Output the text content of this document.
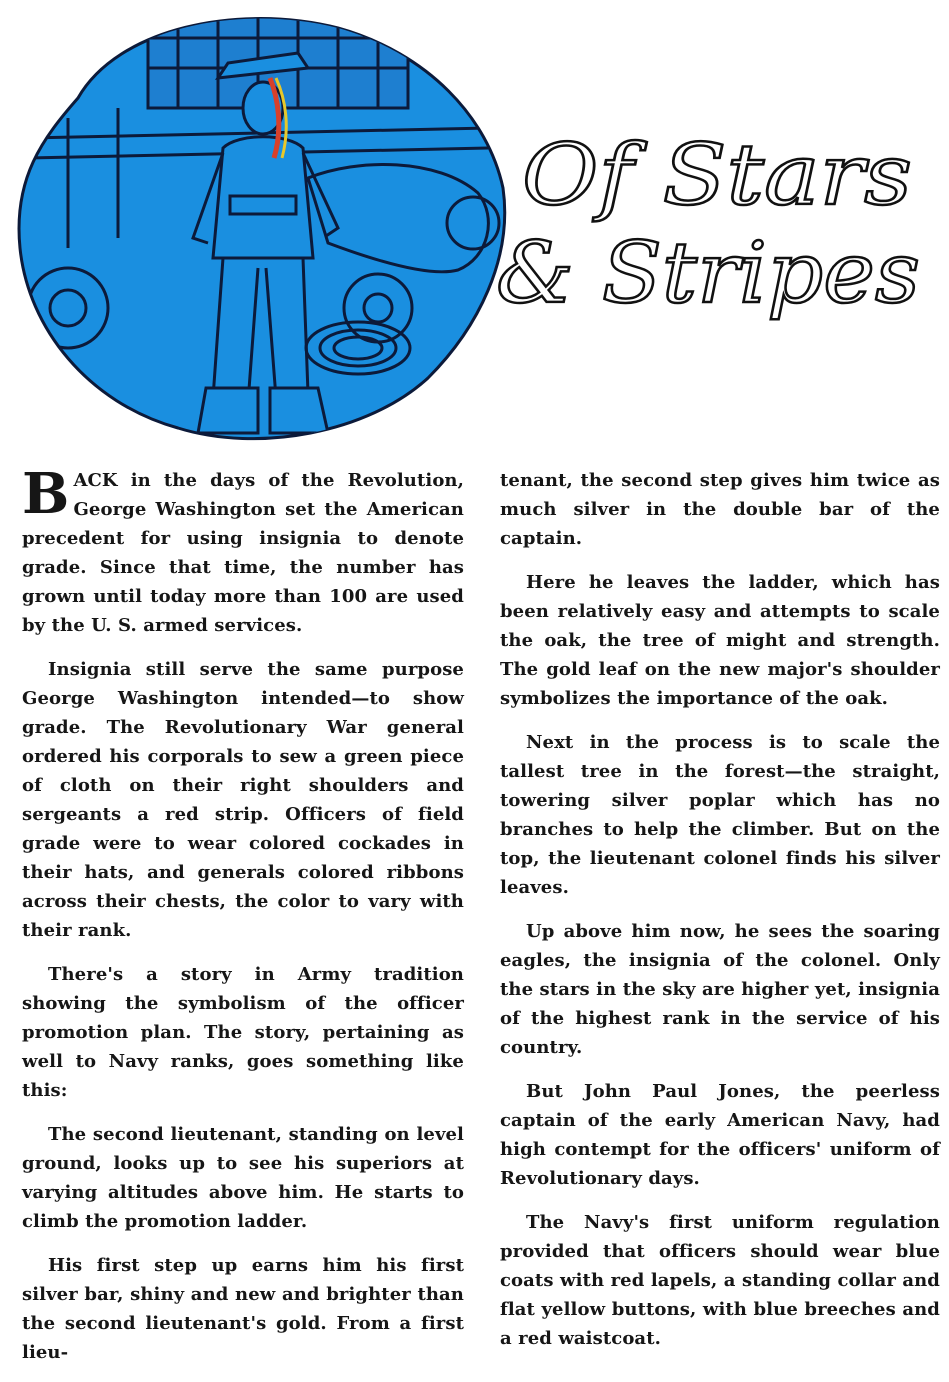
Of Stars
& Stripes

BACK in the days of the Revolution, George Washington set the American precedent for using insignia to denote grade. Since that time, the number has grown until today more than 100 are used by the U. S. armed services.

Insignia still serve the same purpose George Washington intended—to show grade. The Revolutionary War general ordered his corporals to sew a green piece of cloth on their right shoulders and sergeants a red strip. Officers of field grade were to wear colored cockades in their hats, and generals colored ribbons across their chests, the color to vary with their rank.

There's a story in Army tradition showing the symbolism of the officer promotion plan. The story, pertaining as well to Navy ranks, goes something like this:

The second lieutenant, standing on level ground, looks up to see his superiors at varying altitudes above him. He starts to climb the promotion ladder.

His first step up earns him his first silver bar, shiny and new and brighter than the second lieutenant's gold. From a first lieu-

tenant, the second step gives him twice as much silver in the double bar of the captain.

Here he leaves the ladder, which has been relatively easy and attempts to scale the oak, the tree of might and strength. The gold leaf on the new major's shoulder symbolizes the importance of the oak.

Next in the process is to scale the tallest tree in the forest—the straight, towering silver poplar which has no branches to help the climber. But on the top, the lieutenant colonel finds his silver leaves.

Up above him now, he sees the soaring eagles, the insignia of the colonel. Only the stars in the sky are higher yet, insignia of the highest rank in the service of his country.

But John Paul Jones, the peerless captain of the early American Navy, had high contempt for the officers' uniform of Revolutionary days.

The Navy's first uniform regulation provided that officers should wear blue coats with red lapels, a standing collar and flat yellow buttons, with blue breeches and a red waistcoat.
